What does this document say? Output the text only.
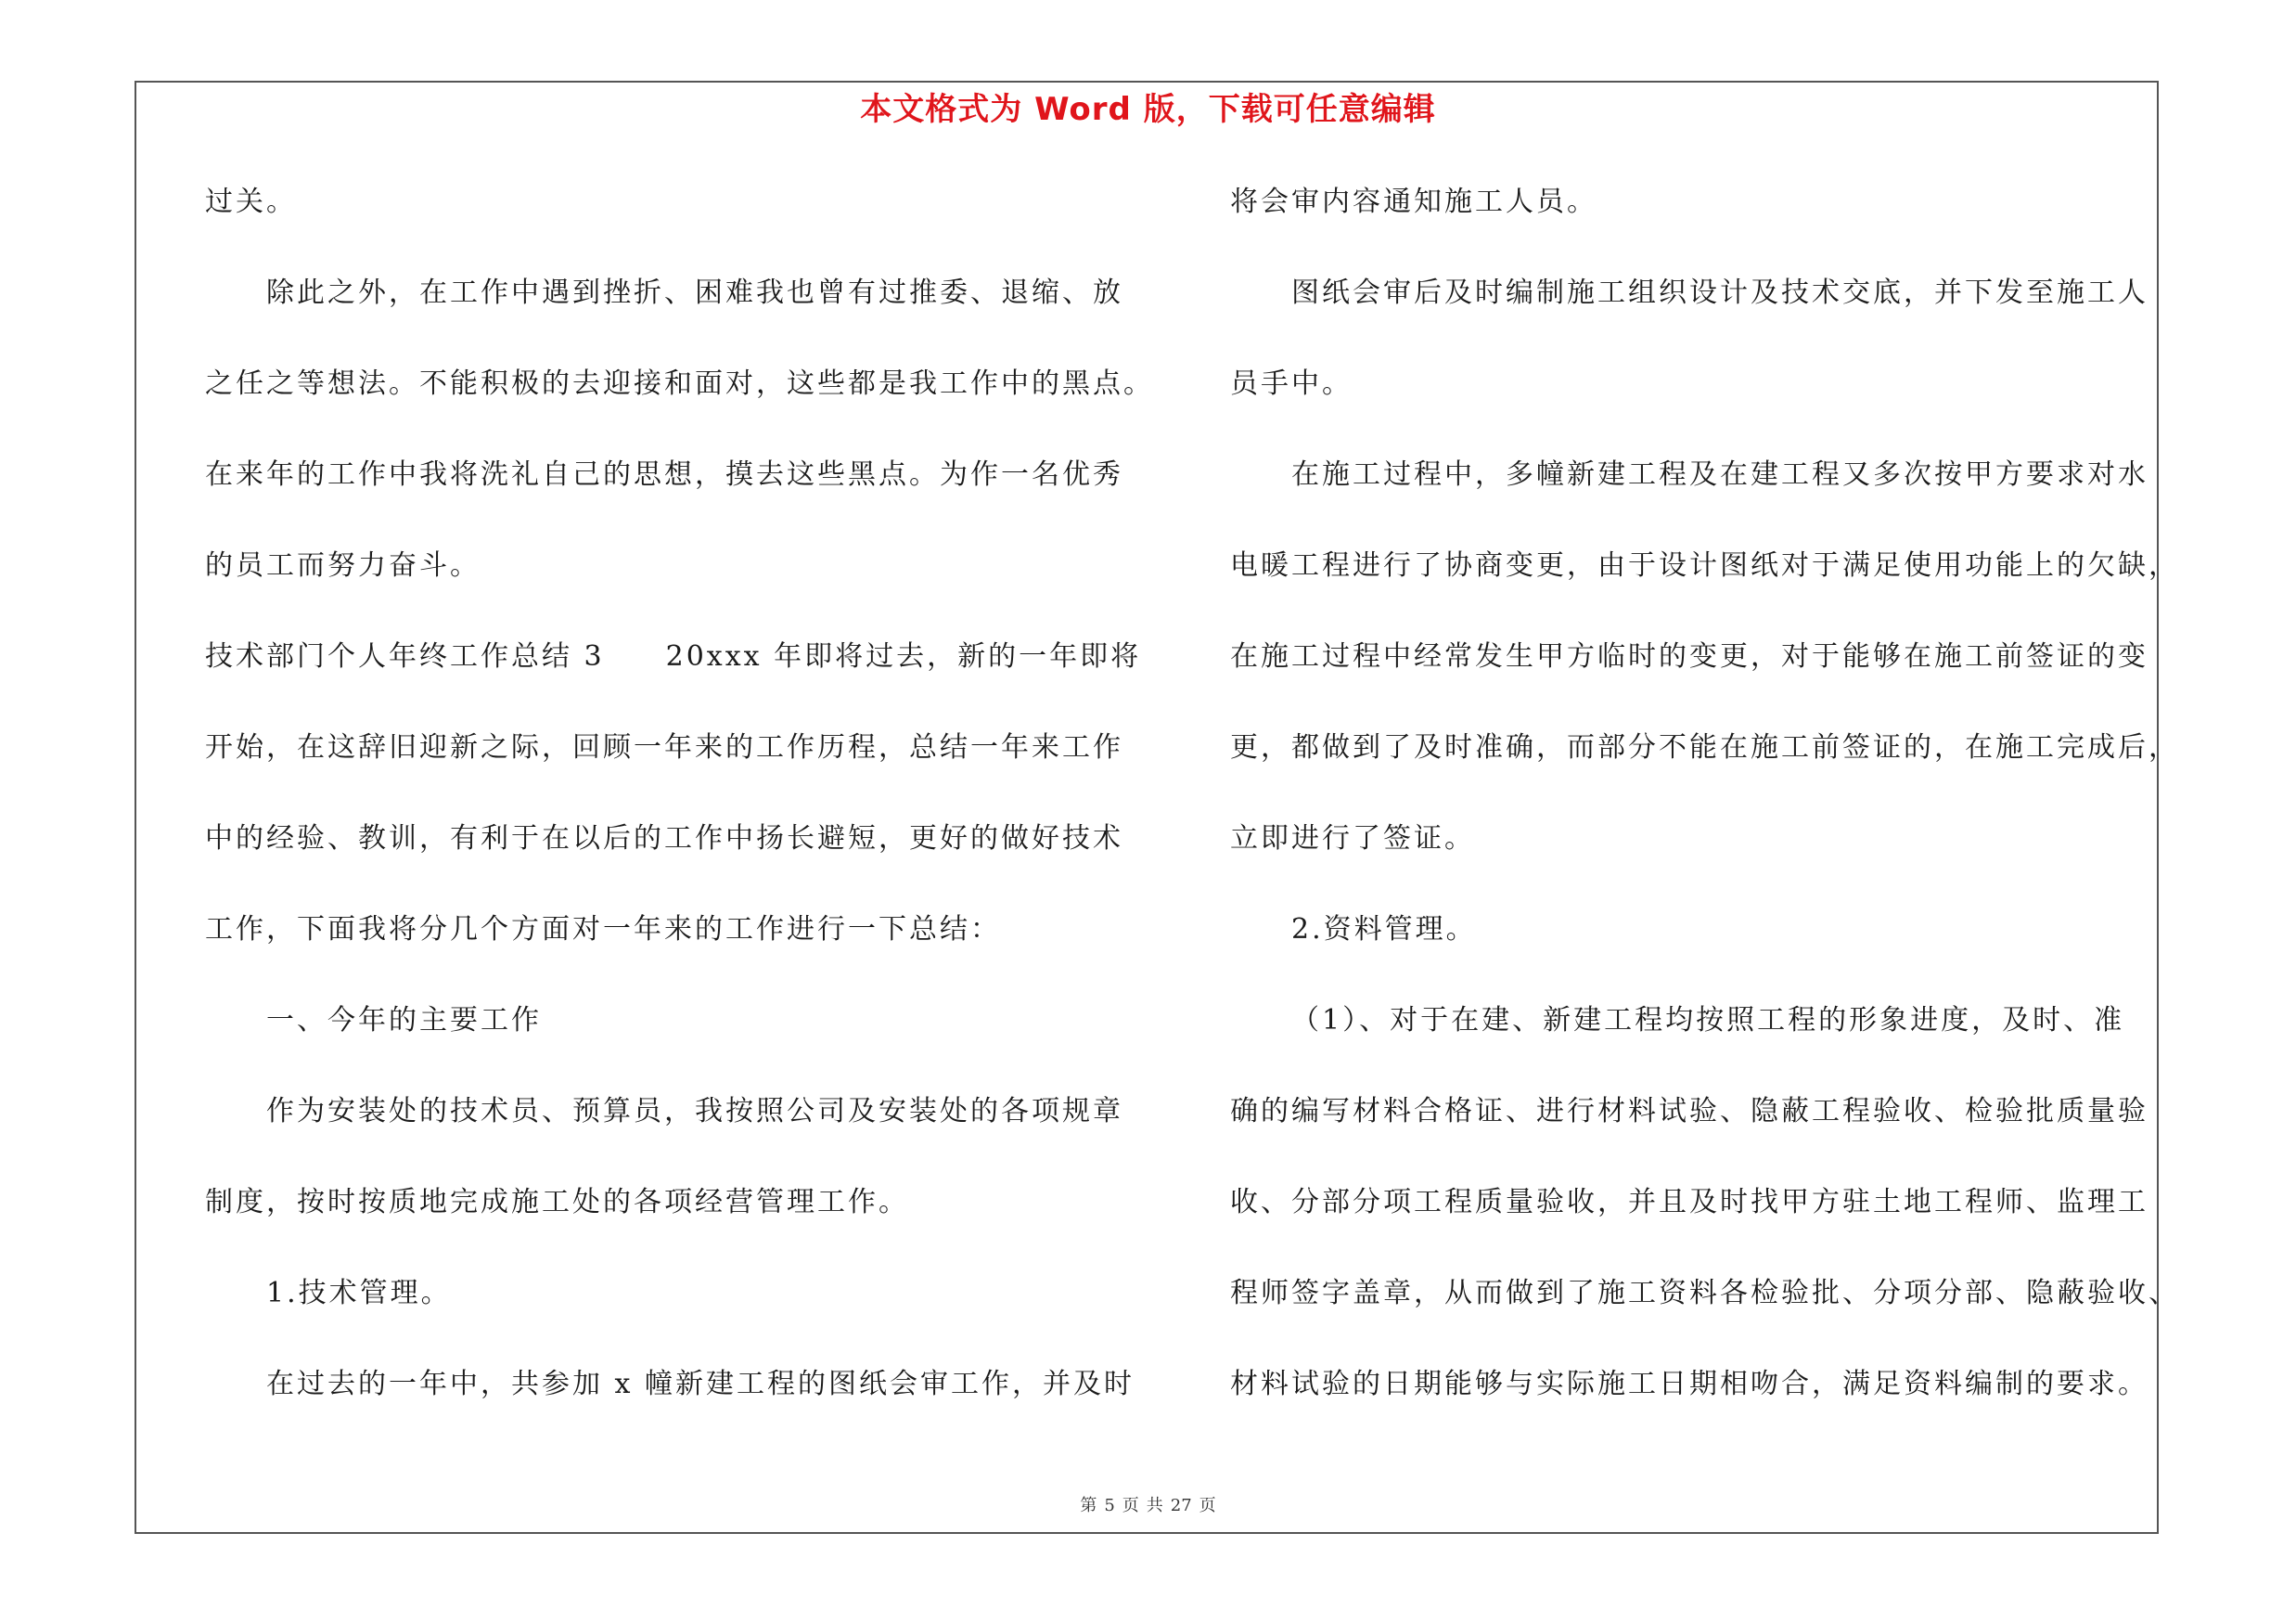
本文格式为 Word 版，下载可任意编辑
过关。
除此之外，在工作中遇到挫折、困难我也曾有过推委、退缩、放
之任之等想法。不能积极的去迎接和面对，这些都是我工作中的黑点。
在来年的工作中我将洗礼自己的思想，摸去这些黑点。为作一名优秀
的员工而努力奋斗。
技术部门个人年终工作总结 3　　20xxx 年即将过去，新的一年即将
开始，在这辞旧迎新之际，回顾一年来的工作历程，总结一年来工作
中的经验、教训，有利于在以后的工作中扬长避短，更好的做好技术
工作，下面我将分几个方面对一年来的工作进行一下总结：
一、今年的主要工作
作为安装处的技术员、预算员，我按照公司及安装处的各项规章
制度，按时按质地完成施工处的各项经营管理工作。
1.技术管理。
在过去的一年中，共参加 x 幢新建工程的图纸会审工作，并及时
将会审内容通知施工人员。
图纸会审后及时编制施工组织设计及技术交底，并下发至施工人
员手中。
在施工过程中，多幢新建工程及在建工程又多次按甲方要求对水
电暖工程进行了协商变更，由于设计图纸对于满足使用功能上的欠缺，
在施工过程中经常发生甲方临时的变更，对于能够在施工前签证的变
更，都做到了及时准确，而部分不能在施工前签证的，在施工完成后，
立即进行了签证。
2.资料管理。
（1）、对于在建、新建工程均按照工程的形象进度，及时、准
确的编写材料合格证、进行材料试验、隐蔽工程验收、检验批质量验
收、分部分项工程质量验收，并且及时找甲方驻土地工程师、监理工
程师签字盖章，从而做到了施工资料各检验批、分项分部、隐蔽验收、
材料试验的日期能够与实际施工日期相吻合，满足资料编制的要求。
第 5 页 共 27 页
